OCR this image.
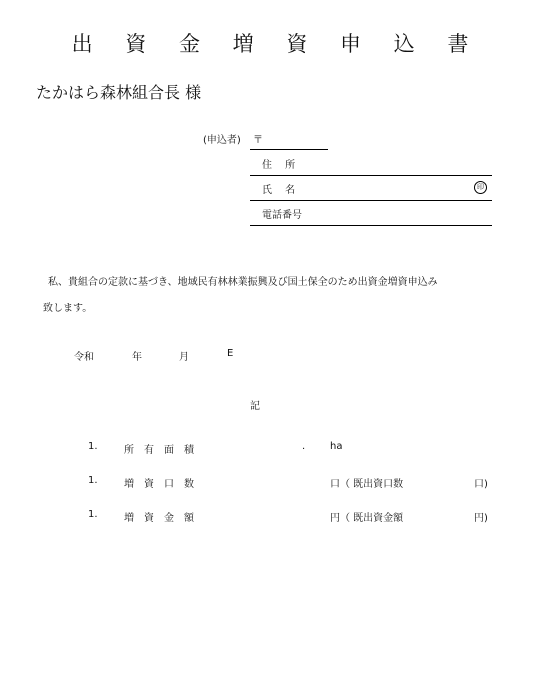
出 資 金 増 資 申 込 書
たかはら森林組合長 様
(申込者) 〒
住　 所
氏　 名	印
電話番号
私、貴組合の定款に基づき、地域民有林林業振興及び国土保全のため出資金増資申込み
致します。
令和	年	月	E
記
1.	所　有　面　積	. ha
1.	増　資　口　数	口（ 既出資口数	口)
1.	増　資　金　額	円（ 既出資金額	円)
